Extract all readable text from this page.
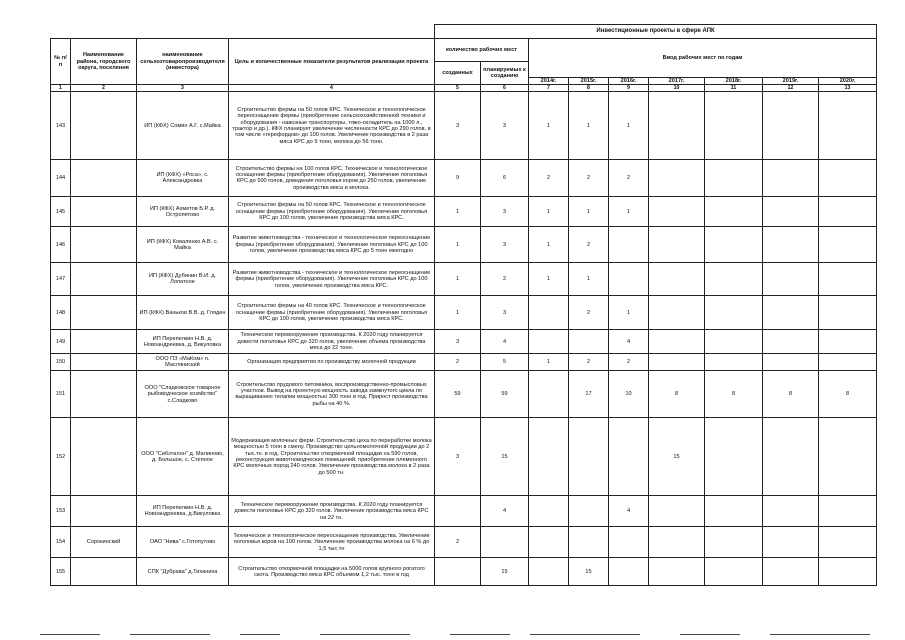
				Инвестиционные проекты в сфере АПК								
№ п/п	Наименование района, городского округа, поселения	наименование сельхозтоваропроизводителя (инвестора)	Цель и количественные показатели результатов реализации проекта	количество рабочих мест		Ввод рабочих мест по годам						
				созданных	планируемых к созданию							
						2014г.	2015г.	2016г.	2017г.	2018г.	2019г.	2020г.
1	2	3	4	5	6	7	8	9	10	11	12	13
143		ИП (КФХ) Сомин А.Г. с.Майка	Строительство фермы на 50 голов КРС. Техническое и технологическое переоснащение фермы (приобретение сельскохозяйственной техники и оборудования - навозные транспортеры, тяжо-охладитель на 1000 л., трактор и др.). КФХ планирует увеличение численности КРС до 290 голов, в том числе «герефордов» до 100 голов. Увеличение производства в 2 раза мяса КРС до 9 тонн, молока до 56 тонн.	3	3	1	1	1				
144		ИП (КФХ) «Роса», с. Александровка	Строительство фермы на 100 голов КРС. Техническое и технологическое оснащение фермы (приобретение оборудования). Увеличение поголовья КРС до 500 голов, доведение поголовья коров до 250 голов, увеличение производства мяса и молока.	9	6	2	2	2				
145		ИП (КФХ) Ахметов Б.Р. д. Остропятово	Строительство фермы на 50 голов КРС. Техническое и технологическое оснащение фермы (приобретение оборудования). Увеличение поголовья КРС до 100 голов, увеличение производства мяса КРС.	1	3	1	1	1				
146		ИП (КФХ) Коваленко А.В. с. Майка	Развитие животноводства - техническое и технологическое переоснащение фермы (приобретение оборудования). Увеличение поголовья КРС до 100 голов, увеличение производства мяса КРС до 5 тонн ежегодно	1	3	1	2					
147		ИП (КФХ) Дубинин В.И. д. Лопатное	Развитие животноводства - техническое и технологическое переоснащение фермы (приобретение оборудования). Увеличение поголовья КРС до 100 голов, увеличение производства мяса КРС.	1	2	1	1					
148		ИП (КФХ) Ваньков В.В. д. Гляден	Строительство фермы на 40 голов КРС. Техническое и технологическое оснащение фермы (приобретение оборудования). Увеличение поголовья КРС до 100 голов, увеличение производства мяса КРС.	1	3		2	1				
149		ИП Перепелкин Н.В. д. Новоандреевка, д. Викуловка	Техническое перевооружение производства. К 2020 году планируется довести поголовье КРС до 320 голов, увеличение объема производства мяса до 22 тонн.	3	4			4				
150		ООО ПЗ «МаКом» п. Масляниский	Организация предприятия по производству молочной продукции	2	5	1	2	2				
151		ООО "Сладковское товарное рыбоводческое хозяйство" с.Сладково	Строительство прудового питомника, воспроизводственно-промысловых участков. Вывод на проектную мощность завода замкнутого цикла по выращиванию телапии мощностью 300 тонн в год. Прирост производства рыбы на 40 %.	59	59		17	10	8	8	8	8
152		ООО "Сибэталон" д. Малиново, д. Большое, с. Степное	Модернизация молочных ферм. Строительство цеха по переработке молока мощностью 5 тонн в смену. Производство цельномолочной продукции до 2 тыс.тн. в год. Строительство откормочной площадки на 590 голов, реконструкция животноводческих помещений; приобретение племенного КРС молочных пород 240 голов. Увеличение производства молока в 2 раза до 500 тн.	3	15				15			
153		ИП Перепелкин Н.В. д. Новоандреевка, д.Викуловка	Техническое перевооружение производства. К 2020 году планируется довести поголовье КРС до 320 голов. Увеличение производства мяса КРС на 22 тн.		4			4				
154	Сорокинский	ОАО "Нива" с.Готопутово	Техническое и технологическое переоснащение производства. Увеличение поголовья коров на 100 голов. Увеличение производства молока на 6 % до 1,5 тыс.тн	2								
155		СПК "Дубрава" д.Тиханиха	Строительство откормочной площадки на 5000 голов крупного рогатого скота. Производство мяса КРС объемом 1,2 тыс. тонн в год		15		15					
